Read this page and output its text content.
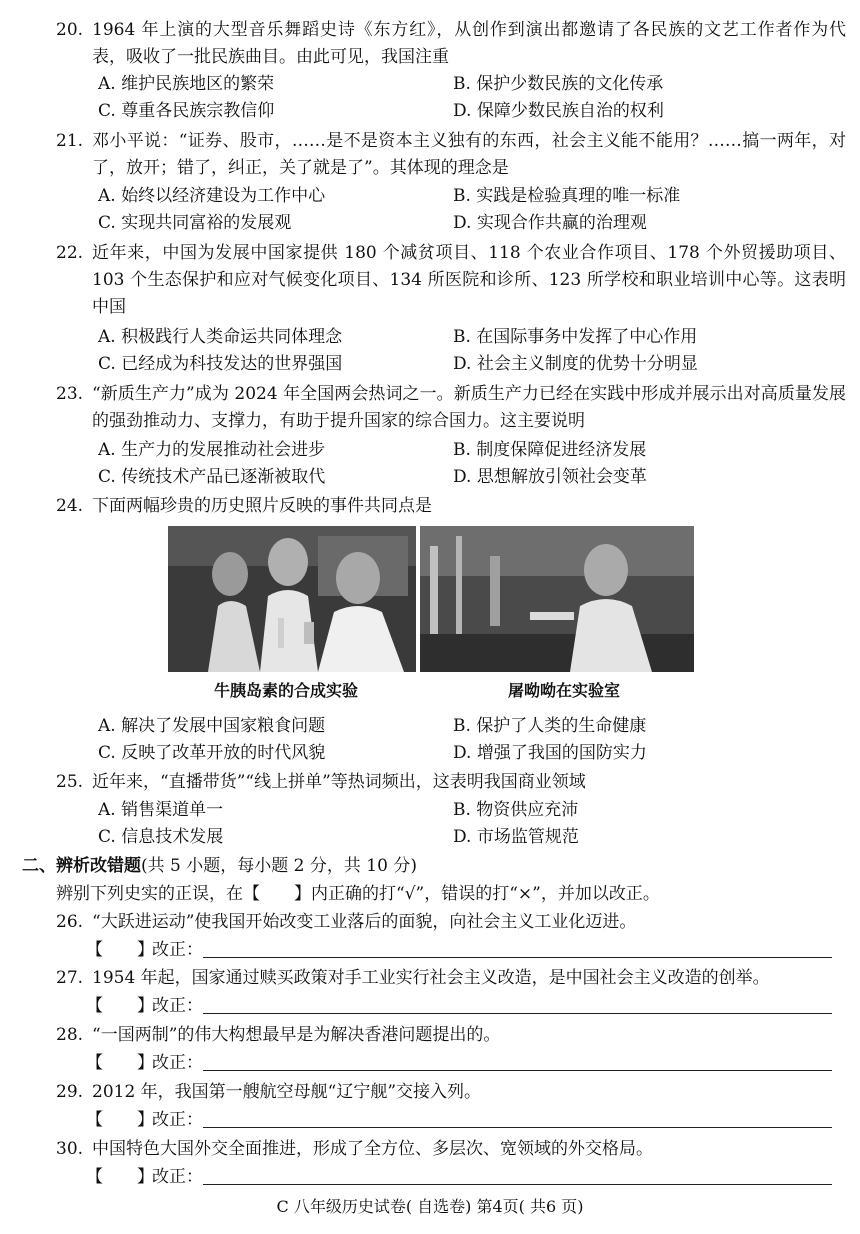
20. 1964 年上演的大型音乐舞蹈史诗《东方红》，从创作到演出都邀请了各民族的文艺工作者作为代表，吸收了一批民族曲目。由此可见，我国注重
A. 维护民族地区的繁荣	B. 保护少数民族的文化传承
C. 尊重各民族宗教信仰	D. 保障少数民族自治的权利
21. 邓小平说：“证券、股市，……是不是资本主义独有的东西，社会主义能不能用？……搞一两年，对了，放开；错了，纠正，关了就是了”。其体现的理念是
A. 始终以经济建设为工作中心	B. 实践是检验真理的唯一标准
C. 实现共同富裕的发展观	D. 实现合作共赢的治理观
22. 近年来，中国为发展中国家提供 180 个减贫项目、118 个农业合作项目、178 个外贸援助项目、103 个生态保护和应对气候变化项目、134 所医院和诊所、123 所学校和职业培训中心等。这表明中国
A. 积极践行人类命运共同体理念	B. 在国际事务中发挥了中心作用
C. 已经成为科技发达的世界强国	D. 社会主义制度的优势十分明显
23. “新质生产力”成为 2024 年全国两会热词之一。新质生产力已经在实践中形成并展示出对高质量发展的强劲推动力、支撑力，有助于提升国家的综合国力。这主要说明
A. 生产力的发展推动社会进步	B. 制度保障促进经济发展
C. 传统技术产品已逐渐被取代	D. 思想解放引领社会变革
24. 下面两幅珍贵的历史照片反映的事件共同点是
牛胰岛素的合成实验	屠呦呦在实验室
A. 解决了发展中国家粮食问题	B. 保护了人类的生命健康
C. 反映了改革开放的时代风貌	D. 增强了我国的国防实力
25. 近年来，“直播带货”“线上拼单”等热词频出，这表明我国商业领域
A. 销售渠道单一	B. 物资供应充沛
C. 信息技术发展	D. 市场监管规范
二、辨析改错题(共 5 小题，每小题 2 分，共 10 分)
辨别下列史实的正误，在【　　】内正确的打“√”，错误的打“×”，并加以改正。
26. “大跃进运动”使我国开始改变工业落后的面貌，向社会主义工业化迈进。
【　　】
改正：
27. 1954 年起，国家通过赎买政策对手工业实行社会主义改造，是中国社会主义改造的创举。
【　　】
改正：
28. “一国两制”的伟大构想最早是为解决香港问题提出的。
【　　】
改正：
29. 2012 年，我国第一艘航空母舰“辽宁舰”交接入列。
【　　】
改正：
30. 中国特色大国外交全面推进，形成了全方位、多层次、宽领域的外交格局。
【　　】
改正：
C 八年级历史试卷( 自选卷) 第4页( 共6 页)
